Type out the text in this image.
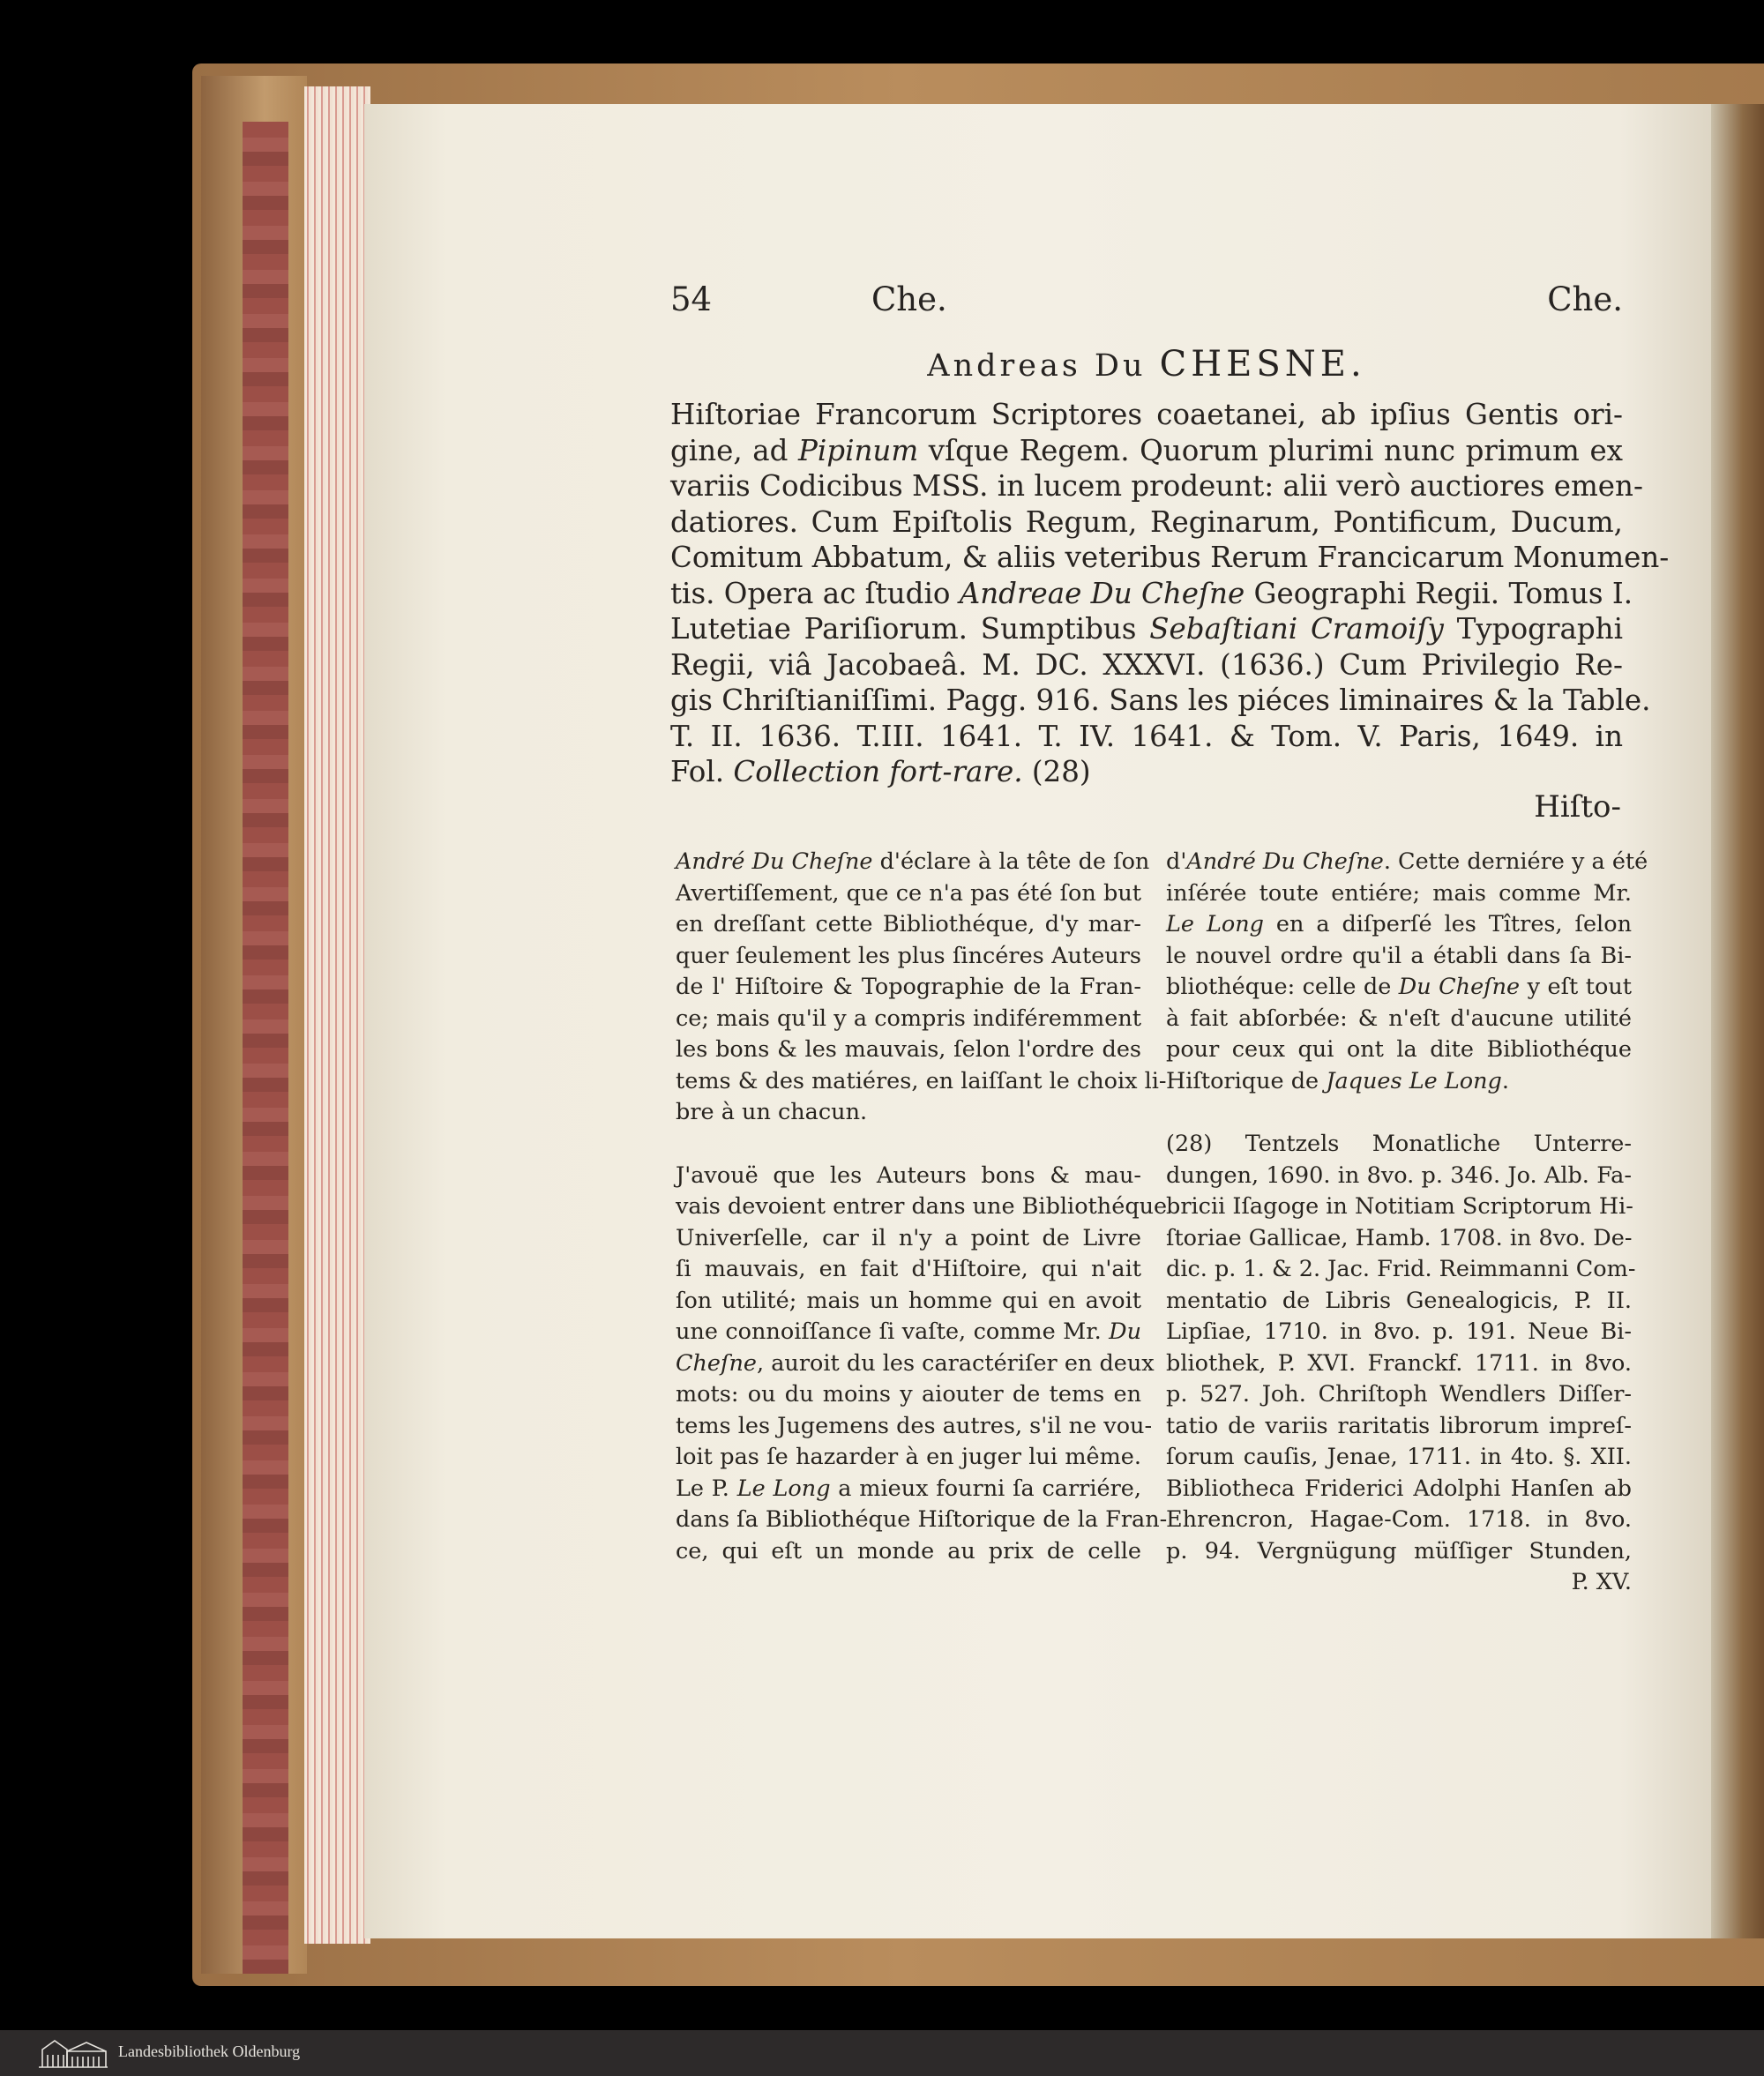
54	Che.	Che.
Andreas Du CHESNE.
Hiſtoriae Francorum Scriptores coaetanei, ab ipſius Gentis ori-
gine, ad Pipinum vſque Regem. Quorum plurimi nunc primum ex
variis Codicibus MSS. in lucem prodeunt: alii verò auctiores emen-
datiores. Cum Epiſtolis Regum, Reginarum, Pontificum, Ducum,
Comitum Abbatum, & aliis veteribus Rerum Francicarum Monumen-
tis. Opera ac ſtudio Andreae Du Cheſne Geographi Regii. Tomus I.
Lutetiae Pariſiorum. Sumptibus Sebaſtiani Cramoiſy Typographi
Regii, viâ Jacobaeâ. M. DC. XXXVI. (1636.) Cum Privilegio Re-
gis Chriſtianiſſimi. Pagg. 916. Sans les piéces liminaires & la Table.
T. II. 1636. T.III. 1641. T. IV. 1641. & Tom. V. Paris, 1649. in
Fol. Collection fort-rare. (28)
Hiſto-
André Du Cheſne d'éclare à la tête de ſon
Avertiſſement, que ce n'a pas été ſon but
en dreſſant cette Bibliothéque, d'y mar-
quer ſeulement les plus ſincéres Auteurs
de l' Hiſtoire & Topographie de la Fran-
ce; mais qu'il y a compris indiféremment
les bons & les mauvais, ſelon l'ordre des
tems & des matiéres, en laiſſant le choix li-
bre à un chacun.
J'avouë que les Auteurs bons & mau-
vais devoient entrer dans une Bibliothéque
Univerſelle, car il n'y a point de Livre
ſi mauvais, en fait d'Hiſtoire, qui n'ait
ſon utilité; mais un homme qui en avoit
une connoiſſance ſi vaſte, comme Mr. Du
Cheſne, auroit du les caractériſer en deux
mots: ou du moins y aiouter de tems en
tems les Jugemens des autres, s'il ne vou-
loit pas ſe hazarder à en juger lui même.
Le P. Le Long a mieux fourni ſa carriére,
dans ſa Bibliothéque Hiſtorique de la Fran-
ce, qui eſt un monde au prix de celle
d'André Du Cheſne. Cette derniére y a été
inſérée toute entiére; mais comme Mr.
Le Long en a diſperſé les Tîtres, ſelon
le nouvel ordre qu'il a établi dans ſa Bi-
bliothéque: celle de Du Cheſne y eſt tout
à fait abſorbée: & n'eſt d'aucune utilité
pour ceux qui ont la dite Bibliothéque
Hiſtorique de Jaques Le Long.
(28) Tentzels Monatliche Unterre-
dungen, 1690. in 8vo. p. 346. Jo. Alb. Fa-
bricii Iſagoge in Notitiam Scriptorum Hi-
ſtoriae Gallicae, Hamb. 1708. in 8vo. De-
dic. p. 1. & 2. Jac. Frid. Reimmanni Com-
mentatio de Libris Genealogicis, P. II.
Lipſiae, 1710. in 8vo. p. 191. Neue Bi-
bliothek, P. XVI. Franckf. 1711. in 8vo.
p. 527. Joh. Chriſtoph Wendlers Diſſer-
tatio de variis raritatis librorum impreſ-
ſorum cauſis, Jenae, 1711. in 4to. §. XII.
Bibliotheca Friderici Adolphi Hanſen ab
Ehrencron, Hagae-Com. 1718. in 8vo.
p. 94. Vergnügung müſſiger Stunden,
P. XV.
Landesbibliothek Oldenburg
